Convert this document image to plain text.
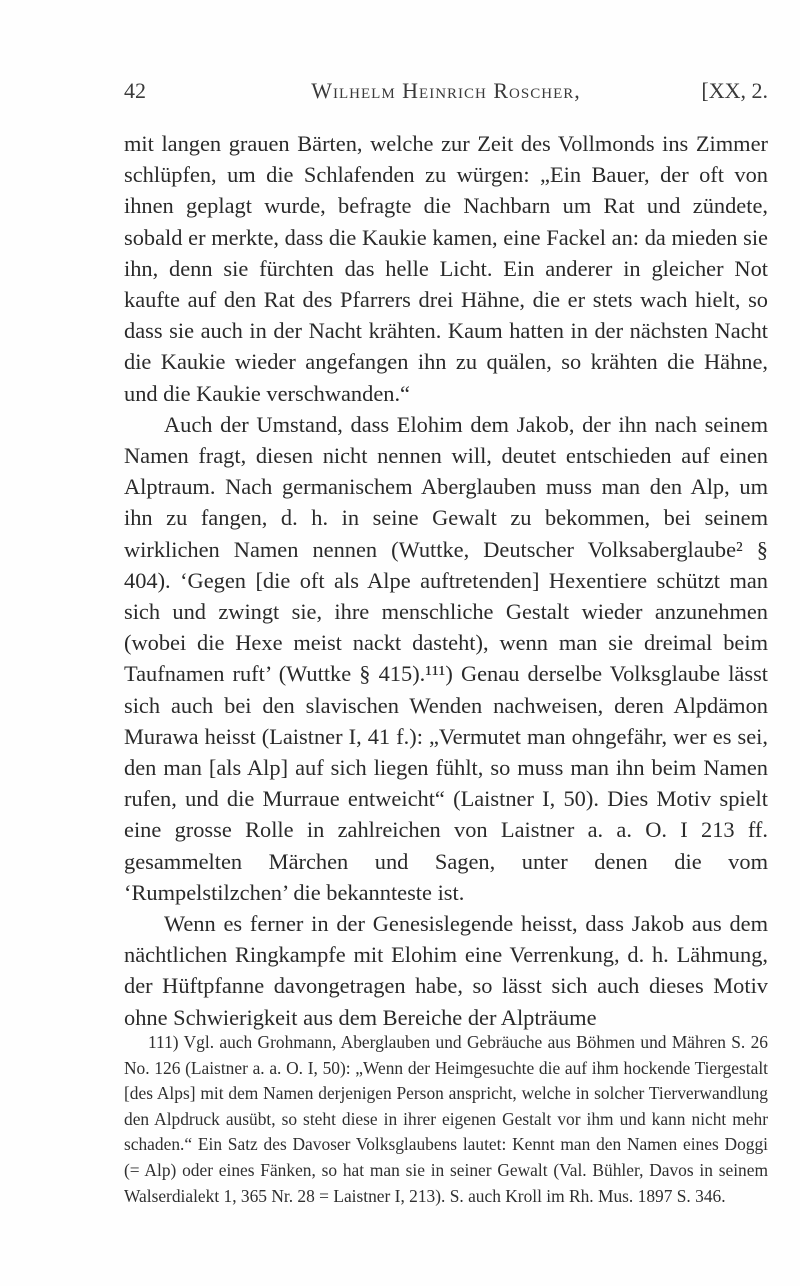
42	Wilhelm Heinrich Roscher,	[XX, 2.

mit langen grauen Bärten, welche zur Zeit des Vollmonds ins Zimmer schlüpfen, um die Schlafenden zu würgen: „Ein Bauer, der oft von ihnen geplagt wurde, befragte die Nachbarn um Rat und zündete, sobald er merkte, dass die Kaukie kamen, eine Fackel an: da mieden sie ihn, denn sie fürchten das helle Licht. Ein anderer in gleicher Not kaufte auf den Rat des Pfarrers drei Hähne, die er stets wach hielt, so dass sie auch in der Nacht krähten. Kaum hatten in der nächsten Nacht die Kaukie wieder angefangen ihn zu quälen, so krähten die Hähne, und die Kaukie verschwanden.“

Auch der Umstand, dass Elohim dem Jakob, der ihn nach seinem Namen fragt, diesen nicht nennen will, deutet entschieden auf einen Alptraum. Nach germanischem Aberglauben muss man den Alp, um ihn zu fangen, d. h. in seine Gewalt zu bekommen, bei seinem wirklichen Namen nennen (Wuttke, Deutscher Volksaberglaube² § 404). ‘Gegen [die oft als Alpe auftretenden] Hexentiere schützt man sich und zwingt sie, ihre menschliche Gestalt wieder anzunehmen (wobei die Hexe meist nackt dasteht), wenn man sie dreimal beim Taufnamen ruft’ (Wuttke § 415).¹¹¹) Genau derselbe Volksglaube lässt sich auch bei den slavischen Wenden nachweisen, deren Alpdämon Murawa heisst (Laistner I, 41 f.): „Vermutet man ohngefähr, wer es sei, den man [als Alp] auf sich liegen fühlt, so muss man ihn beim Namen rufen, und die Murraue entweicht“ (Laistner I, 50). Dies Motiv spielt eine grosse Rolle in zahlreichen von Laistner a. a. O. I 213 ff. gesammelten Märchen und Sagen, unter denen die vom ‘Rumpelstilzchen’ die bekannteste ist.

Wenn es ferner in der Genesislegende heisst, dass Jakob aus dem nächtlichen Ringkampfe mit Elohim eine Verrenkung, d. h. Lähmung, der Hüftpfanne davongetragen habe, so lässt sich auch dieses Motiv ohne Schwierigkeit aus dem Bereiche der Alpträume

111) Vgl. auch Grohmann, Aberglauben und Gebräuche aus Böhmen und Mähren S. 26 No. 126 (Laistner a. a. O. I, 50): „Wenn der Heimgesuchte die auf ihm hockende Tiergestalt [des Alps] mit dem Namen derjenigen Person anspricht, welche in solcher Tierverwandlung den Alpdruck ausübt, so steht diese in ihrer eigenen Gestalt vor ihm und kann nicht mehr schaden.“ Ein Satz des Davoser Volksglaubens lautet: Kennt man den Namen eines Doggi (= Alp) oder eines Fänken, so hat man sie in seiner Gewalt (Val. Bühler, Davos in seinem Walserdialekt 1, 365 Nr. 28 = Laistner I, 213). S. auch Kroll im Rh. Mus. 1897 S. 346.
